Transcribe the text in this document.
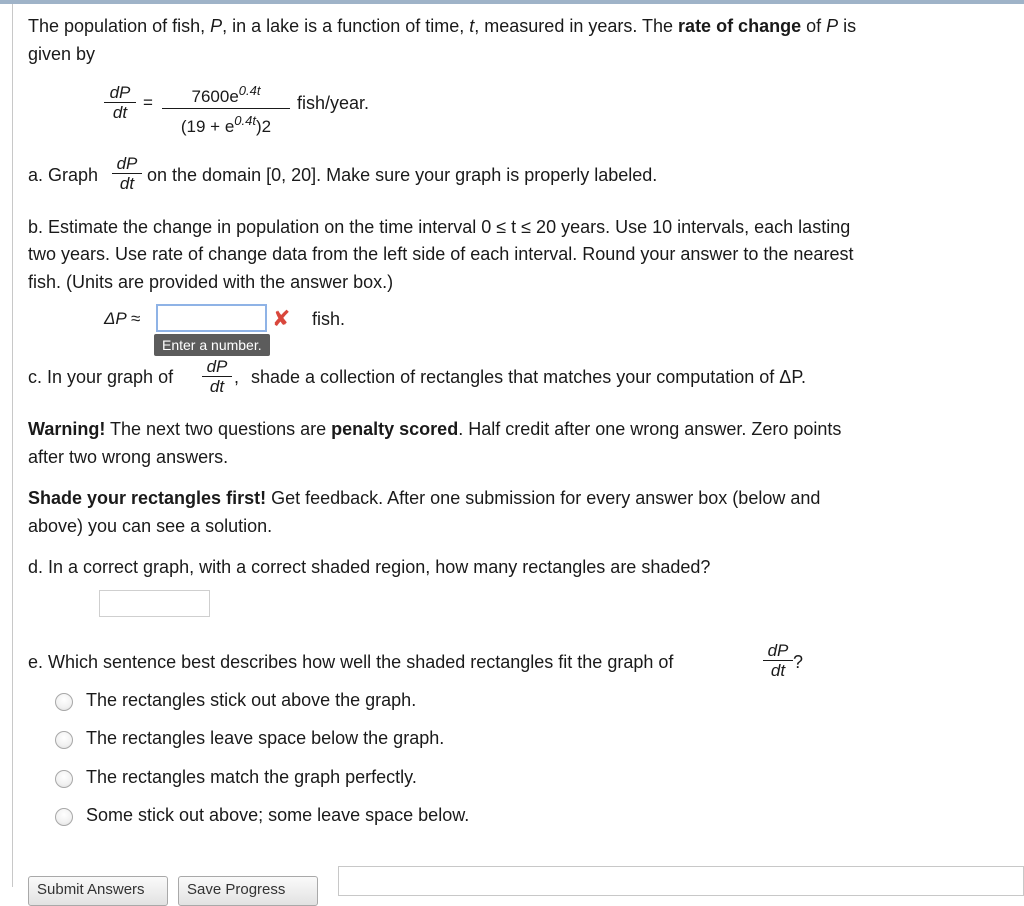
The population of fish, P, in a lake is a function of time, t, measured in years. The rate of change of P is
given by
$\frac{dP}{dt} = \frac{7600e^{0.4t}}{(19 + e^{0.4t})2}$ fish/year.
a. Graph $\frac{dP}{dt}$ on the domain [0, 20]. Make sure your graph is properly labeled.
b. Estimate the change in population on the time interval 0 ≤ t ≤ 20 years. Use 10 intervals, each lasting
two years. Use rate of change data from the left side of each interval. Round your answer to the nearest
fish. (Units are provided with the answer box.)
ΔP ≈	✘ fish.
Enter a number.
c. In your graph of $\frac{dP}{dt}$ , shade a collection of rectangles that matches your computation of ΔP.
Warning! The next two questions are penalty scored. Half credit after one wrong answer. Zero points
after two wrong answers.
Shade your rectangles first! Get feedback. After one submission for every answer box (below and
above) you can see a solution.
d. In a correct graph, with a correct shaded region, how many rectangles are shaded?
e. Which sentence best describes how well the shaded rectangles fit the graph of	$\frac{dP}{dt}$ ?
The rectangles stick out above the graph.
The rectangles leave space below the graph.
The rectangles match the graph perfectly.
Some stick out above; some leave space below.
Submit Answers	Save Progress
